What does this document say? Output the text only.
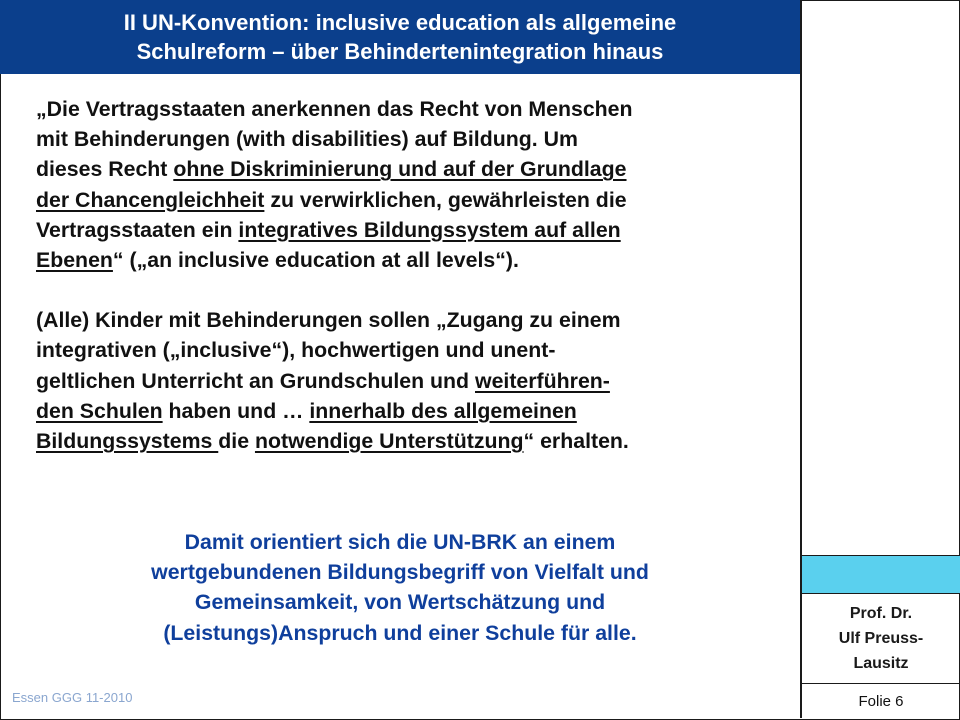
II UN-Konvention: inclusive education als allgemeine
Schulreform – über Behindertenintegration hinaus
„Die Vertragsstaaten anerkennen das Recht von Menschen
mit Behinderungen (with disabilities) auf Bildung. Um
dieses Recht ohne Diskriminierung und auf der Grundlage
der Chancengleichheit zu verwirklichen, gewährleisten die
Vertragsstaaten ein integratives Bildungssystem auf allen
Ebenen“ („an inclusive education at all levels“).
(Alle) Kinder mit Behinderungen sollen „Zugang zu einem
integrativen („inclusive“), hochwertigen und unent-
geltlichen Unterricht an Grundschulen und weiterführen-
den Schulen haben und … innerhalb des allgemeinen
Bildungssystems die notwendige Unterstützung“ erhalten.
Damit orientiert sich die UN-BRK an einem
wertgebundenen Bildungsbegriff von Vielfalt und
Gemeinsamkeit, von Wertschätzung und
(Leistungs)Anspruch und einer Schule für alle.
Essen GGG 11-2010
Prof. Dr.
Ulf Preuss-
Lausitz
Folie 6
